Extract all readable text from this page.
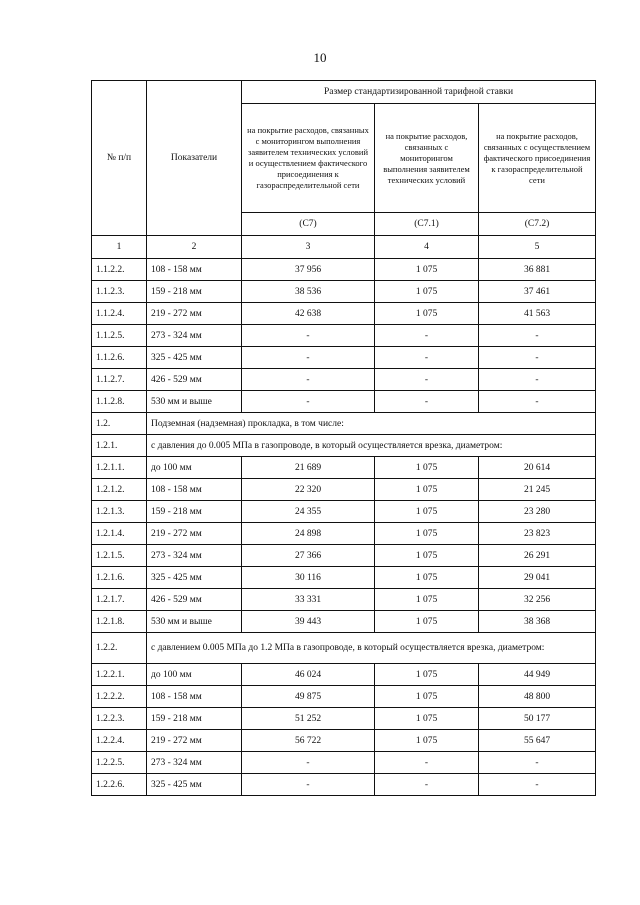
10
№ п/п	Показатели	Размер стандартизированной тарифной ставки		
		на покрытие расходов, связанных с мониторингом выполнения заявителем технических условий и осуществлением фактического присоединения к газораспределительной сети	на покрытие расходов, связанных с мониторингом выполнения заявителем технических условий	на покрытие расходов, связанных с осуществлением фактического присоединения к газораспределительной сети
		(C7)	(C7.1)	(C7.2)
1	2	3	4	5
1.1.2.2.	108 - 158 мм	37 956	1 075	36 881
1.1.2.3.	159 - 218 мм	38 536	1 075	37 461
1.1.2.4.	219 - 272 мм	42 638	1 075	41 563
1.1.2.5.	273 - 324 мм	-	-	-
1.1.2.6.	325 - 425 мм	-	-	-
1.1.2.7.	426 - 529 мм	-	-	-
1.1.2.8.	530 мм и выше	-	-	-
1.2.	Подземная (надземная) прокладка, в том числе:			
1.2.1.	с давления до 0.005 МПа в газопроводе, в который осуществляется врезка, диаметром:			
1.2.1.1.	до 100 мм	21 689	1 075	20 614
1.2.1.2.	108 - 158 мм	22 320	1 075	21 245
1.2.1.3.	159 - 218 мм	24 355	1 075	23 280
1.2.1.4.	219 - 272 мм	24 898	1 075	23 823
1.2.1.5.	273 - 324 мм	27 366	1 075	26 291
1.2.1.6.	325 - 425 мм	30 116	1 075	29 041
1.2.1.7.	426 - 529 мм	33 331	1 075	32 256
1.2.1.8.	530 мм и выше	39 443	1 075	38 368
1.2.2.	с давлением 0.005 МПа до 1.2 МПа в газопроводе, в который осуществляется врезка, диаметром:			
1.2.2.1.	до 100 мм	46 024	1 075	44 949
1.2.2.2.	108 - 158 мм	49 875	1 075	48 800
1.2.2.3.	159 - 218 мм	51 252	1 075	50 177
1.2.2.4.	219 - 272 мм	56 722	1 075	55 647
1.2.2.5.	273 - 324 мм	-	-	-
1.2.2.6.	325 - 425 мм	-	-	-
